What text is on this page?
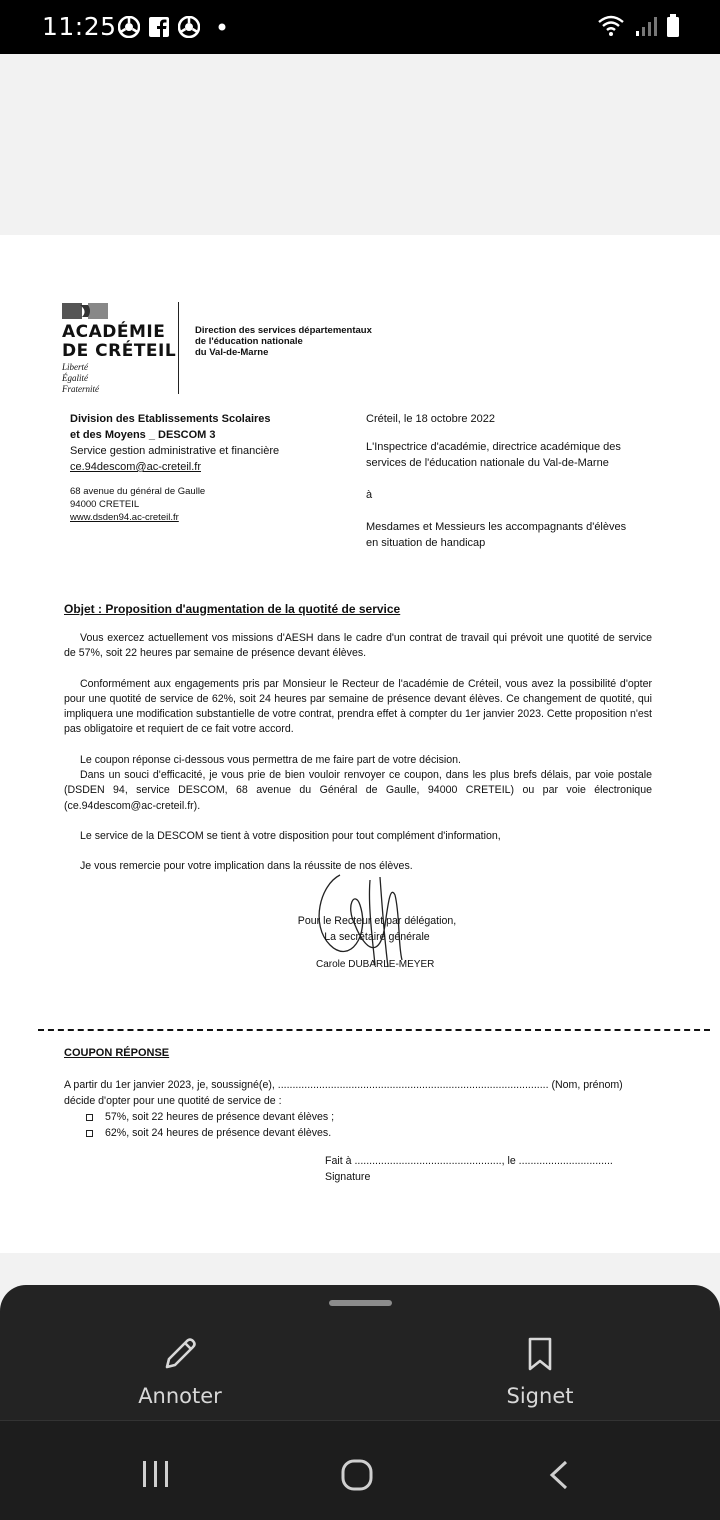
11:25
ACADÉMIE
DE CRÉTEIL
Liberté
Égalité
Fraternité
Direction des services départementaux
de l'éducation nationale
du Val-de-Marne
Division des Etablissements Scolaires
et des Moyens _ DESCOM 3
Service gestion administrative et financière
ce.94descom@ac-creteil.fr
68 avenue du général de Gaulle
94000 CRETEIL
www.dsden94.ac-creteil.fr
Créteil, le 18 octobre 2022
L'Inspectrice d'académie, directrice académique des
services de l'éducation nationale du Val-de-Marne
à
Mesdames et Messieurs les accompagnants d'élèves
en situation de handicap
Objet : Proposition d'augmentation de la quotité de service

Vous exercez actuellement vos missions d'AESH dans le cadre d'un contrat de travail qui prévoit une quotité de service de 57%, soit 22 heures par semaine de présence devant élèves.

Conformément aux engagements pris par Monsieur le Recteur de l'académie de Créteil, vous avez la possibilité d'opter pour une quotité de service de 62%, soit 24 heures par semaine de présence devant élèves. Ce changement de quotité, qui impliquera une modification substantielle de votre contrat, prendra effet à compter du 1er janvier 2023. Cette proposition n'est pas obligatoire et requiert de ce fait votre accord.

Le coupon réponse ci-dessous vous permettra de me faire part de votre décision.

Dans un souci d'efficacité, je vous prie de bien vouloir renvoyer ce coupon, dans les plus brefs délais, par voie postale (DSDEN 94, service DESCOM, 68 avenue du Général de Gaulle, 94000 CRETEIL) ou par voie électronique (ce.94descom@ac-creteil.fr).

Le service de la DESCOM se tient à votre disposition pour tout complément d'information,

Je vous remercie pour votre implication dans la réussite de nos élèves.

Pour le Recteur et par délégation,
La secrétaire générale
Carole DUBARLE-MEYER
COUPON RÉPONSE
A partir du 1er janvier 2023, je, soussigné(e), ............................................................................................ (Nom, prénom) décide d'opter pour une quotité de service de :
57%, soit 22 heures de présence devant élèves ;
62%, soit 24 heures de présence devant élèves.
Fait à .................................................., le ................................
Signature
Annoter	Signet
